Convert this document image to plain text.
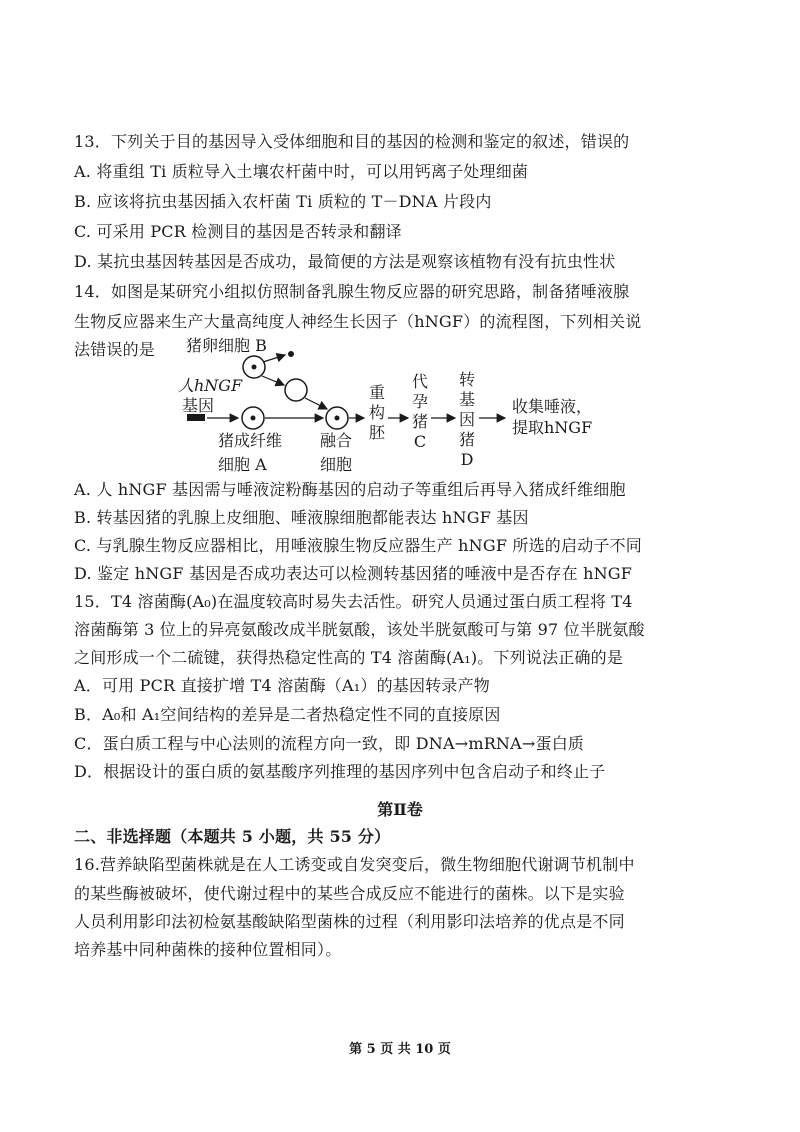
13．下列关于目的基因导入受体细胞和目的基因的检测和鉴定的叙述，错误的
A. 将重组 Ti 质粒导入土壤农杆菌中时，可以用钙离子处理细菌
B. 应该将抗虫基因插入农杆菌 Ti 质粒的 T－DNA 片段内
C. 可采用 PCR 检测目的基因是否转录和翻译
D. 某抗虫基因转基因是否成功，最简便的方法是观察该植物有没有抗虫性状
14．如图是某研究小组拟仿照制备乳腺生物反应器的研究思路，制备猪唾液腺
生物反应器来生产大量高纯度人神经生长因子（hNGF）的流程图，下列相关说
法错误的是 猪卵细胞 B
人hNGF
基因
猪成纤维
细胞 A
融合
细胞
重构胚
代孕猪C
转基因猪D
收集唾液，
提取hNGF
A. 人 hNGF 基因需与唾液淀粉酶基因的启动子等重组后再导入猪成纤维细胞
B. 转基因猪的乳腺上皮细胞、唾液腺细胞都能表达 hNGF 基因
C. 与乳腺生物反应器相比，用唾液腺生物反应器生产 hNGF 所选的启动子不同
D. 鉴定 hNGF 基因是否成功表达可以检测转基因猪的唾液中是否存在 hNGF
15．T4 溶菌酶(A₀)在温度较高时易失去活性。研究人员通过蛋白质工程将 T4
溶菌酶第 3 位上的异亮氨酸改成半胱氨酸，该处半胱氨酸可与第 97 位半胱氨酸
之间形成一个二硫键，获得热稳定性高的 T4 溶菌酶(A₁)。下列说法正确的是
A．可用 PCR 直接扩增 T4 溶菌酶（A₁）的基因转录产物
B．A₀和 A₁空间结构的差异是二者热稳定性不同的直接原因
C．蛋白质工程与中心法则的流程方向一致，即 DNA→mRNA→蛋白质
D．根据设计的蛋白质的氨基酸序列推理的基因序列中包含启动子和终止子
第Ⅱ卷
二、非选择题（本题共 5 小题，共 55 分）
16.营养缺陷型菌株就是在人工诱变或自发突变后，微生物细胞代谢调节机制中
的某些酶被破坏，使代谢过程中的某些合成反应不能进行的菌株。以下是实验
人员利用影印法初检氨基酸缺陷型菌株的过程（利用影印法培养的优点是不同
培养基中同种菌株的接种位置相同）。
第 5 页 共 10 页
